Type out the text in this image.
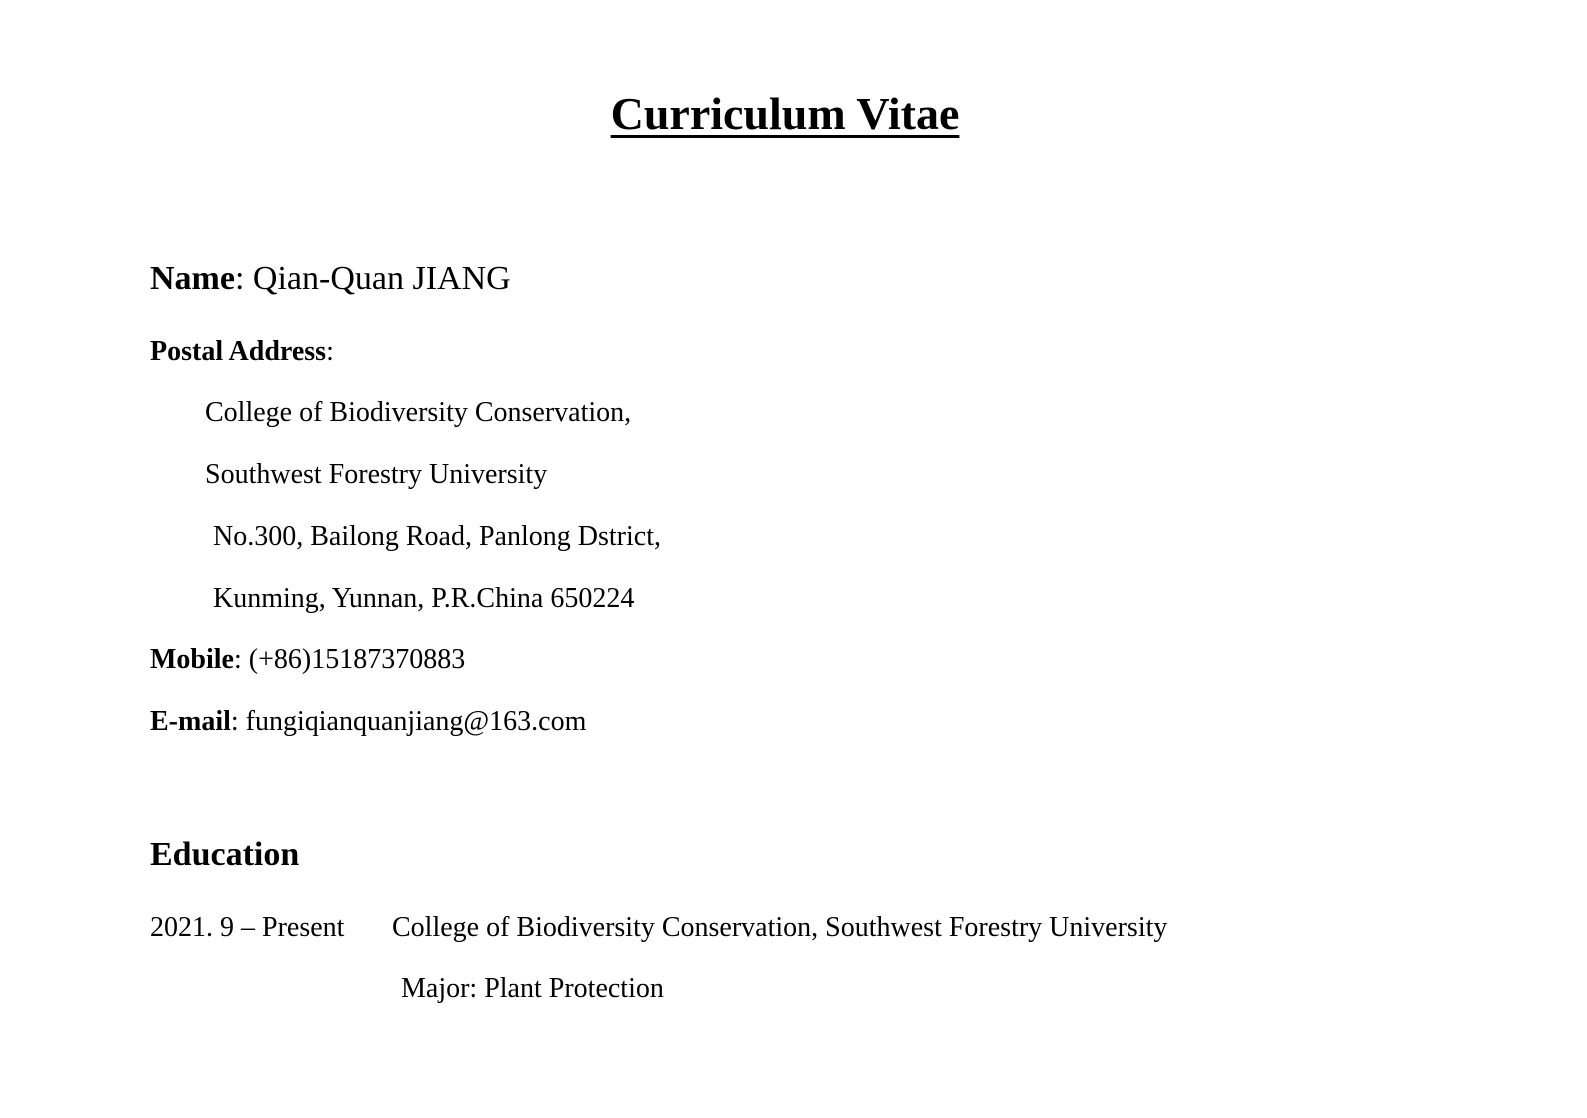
Curriculum Vitae
Name: Qian-Quan JIANG
Postal Address:
College of Biodiversity Conservation,
Southwest Forestry University
No.300, Bailong Road, Panlong Dstrict,
Kunming, Yunnan, P.R.China 650224
Mobile: (+86)15187370883
E-mail: fungiqianquanjiang@163.com
Education
2021. 9 – Present College of Biodiversity Conservation, Southwest Forestry University
Major: Plant Protection
